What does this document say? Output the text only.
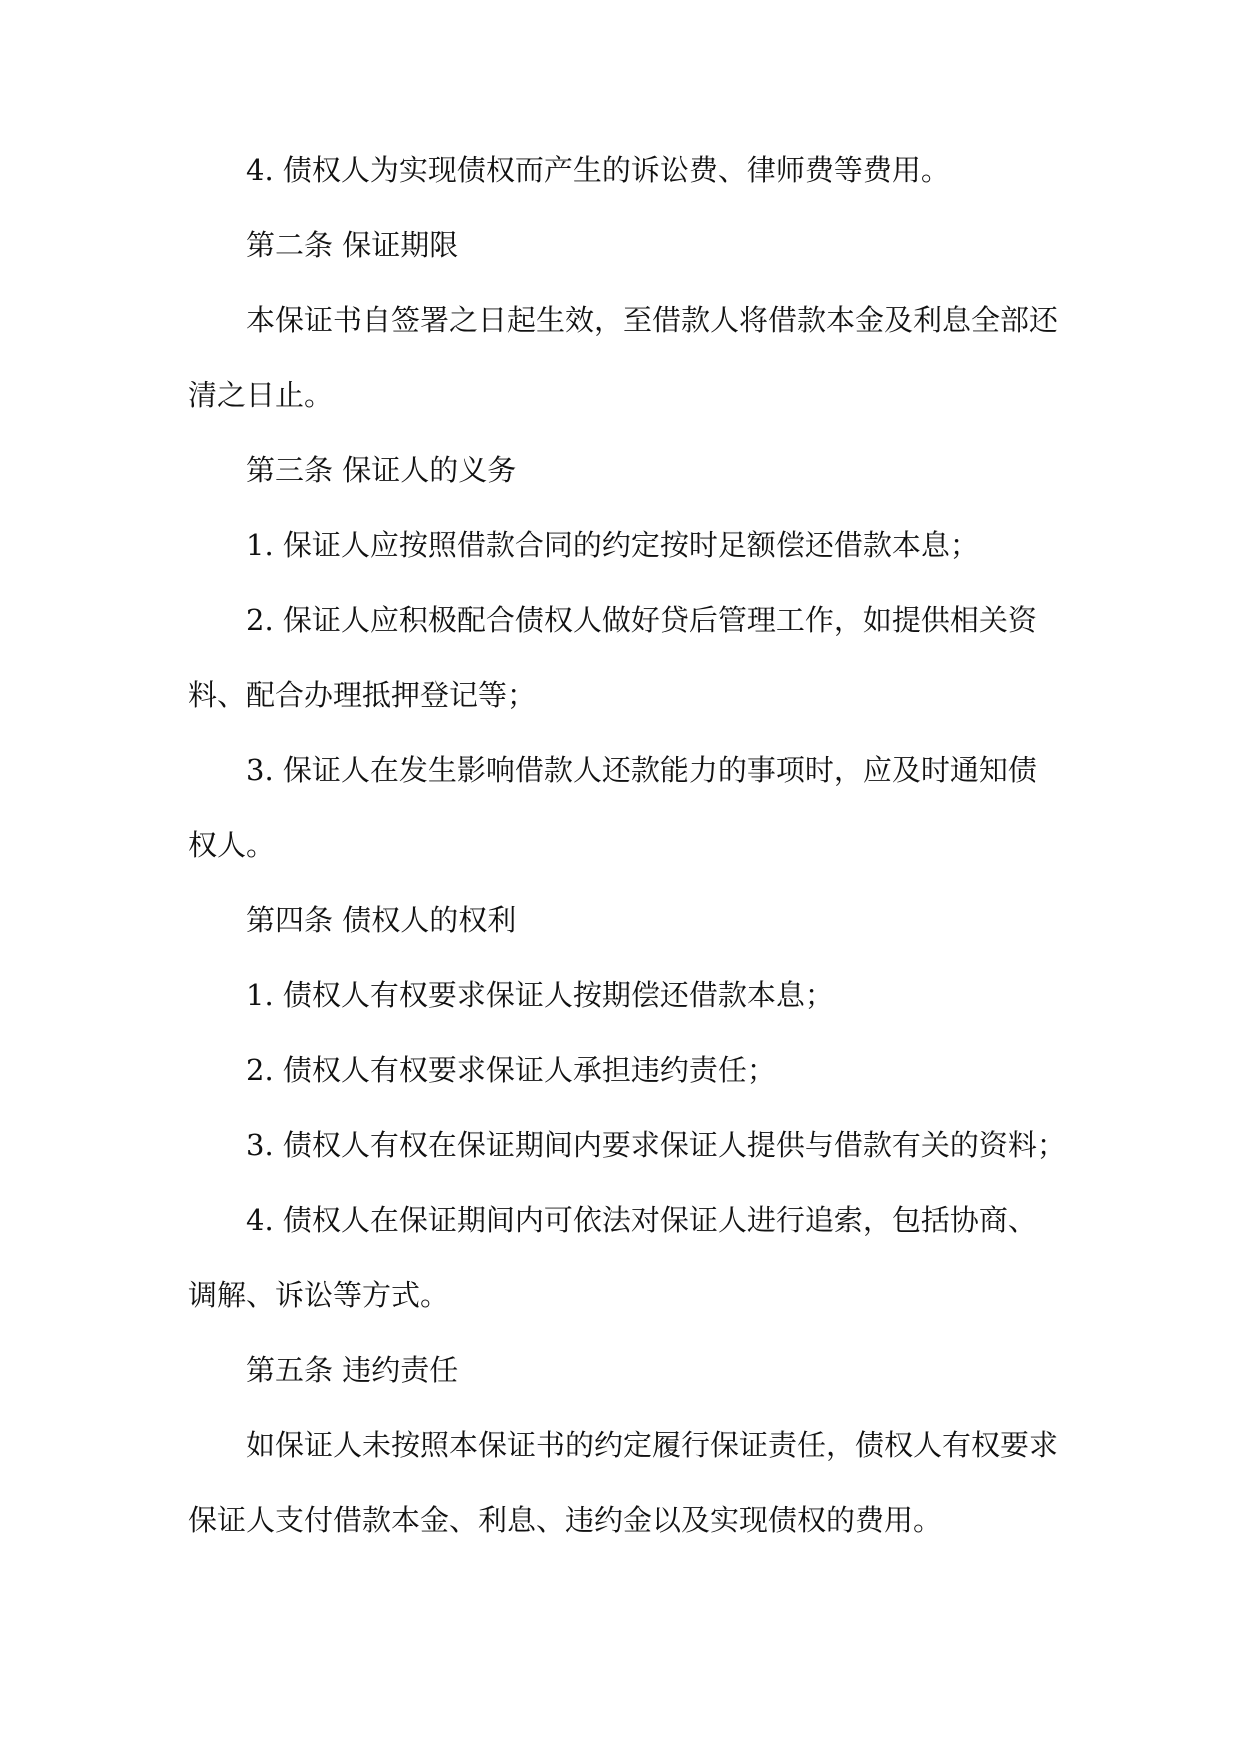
4. 债权人为实现债权而产生的诉讼费、律师费等费用。
第二条 保证期限
本保证书自签署之日起生效，至借款人将借款本金及利息全部还
清之日止。
第三条 保证人的义务
1. 保证人应按照借款合同的约定按时足额偿还借款本息；
2. 保证人应积极配合债权人做好贷后管理工作，如提供相关资
料、配合办理抵押登记等；
3. 保证人在发生影响借款人还款能力的事项时，应及时通知债
权人。
第四条 债权人的权利
1. 债权人有权要求保证人按期偿还借款本息；
2. 债权人有权要求保证人承担违约责任；
3. 债权人有权在保证期间内要求保证人提供与借款有关的资料；
4. 债权人在保证期间内可依法对保证人进行追索，包括协商、
调解、诉讼等方式。
第五条 违约责任
如保证人未按照本保证书的约定履行保证责任，债权人有权要求
保证人支付借款本金、利息、违约金以及实现债权的费用。
